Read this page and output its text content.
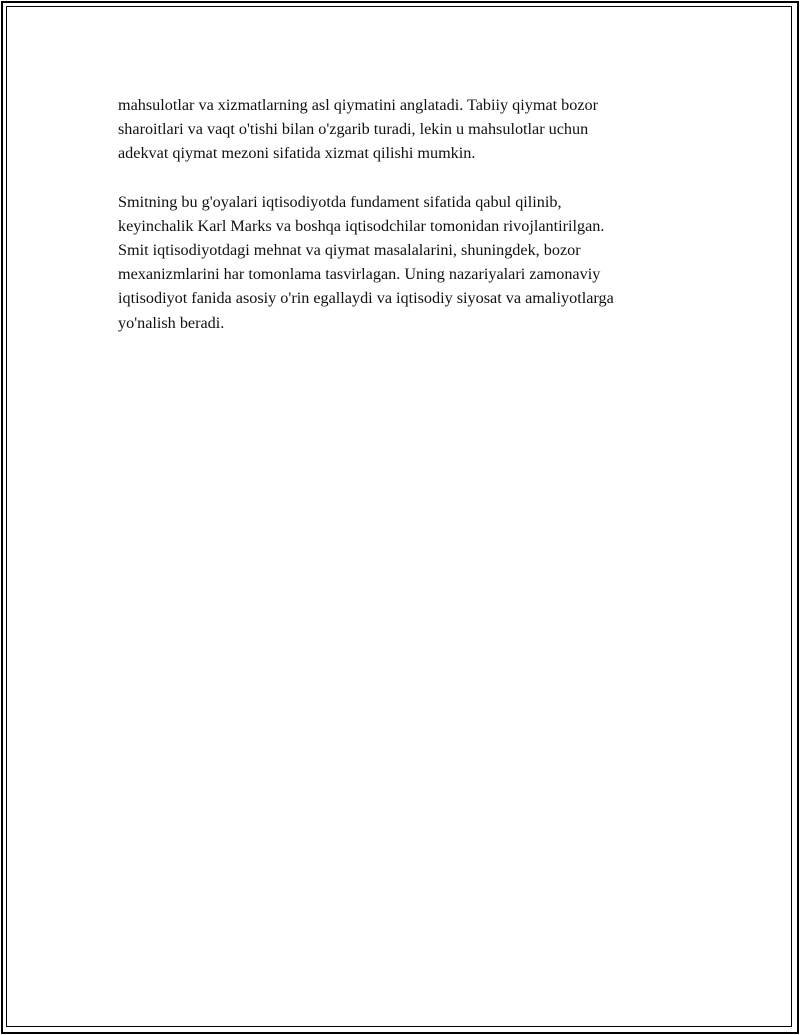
mahsulotlar va xizmatlarning asl qiymatini anglatadi. Tabiiy qiymat bozor
sharoitlari va vaqt o'tishi bilan o'zgarib turadi, lekin u mahsulotlar uchun
adekvat qiymat mezoni sifatida xizmat qilishi mumkin.

Smitning bu g'oyalari iqtisodiyotda fundament sifatida qabul qilinib,
keyinchalik Karl Marks va boshqa iqtisodchilar tomonidan rivojlantirilgan.
Smit iqtisodiyotdagi mehnat va qiymat masalalarini, shuningdek, bozor
mexanizmlarini har tomonlama tasvirlagan. Uning nazariyalari zamonaviy
iqtisodiyot fanida asosiy o'rin egallaydi va iqtisodiy siyosat va amaliyotlarga
yo'nalish beradi.
